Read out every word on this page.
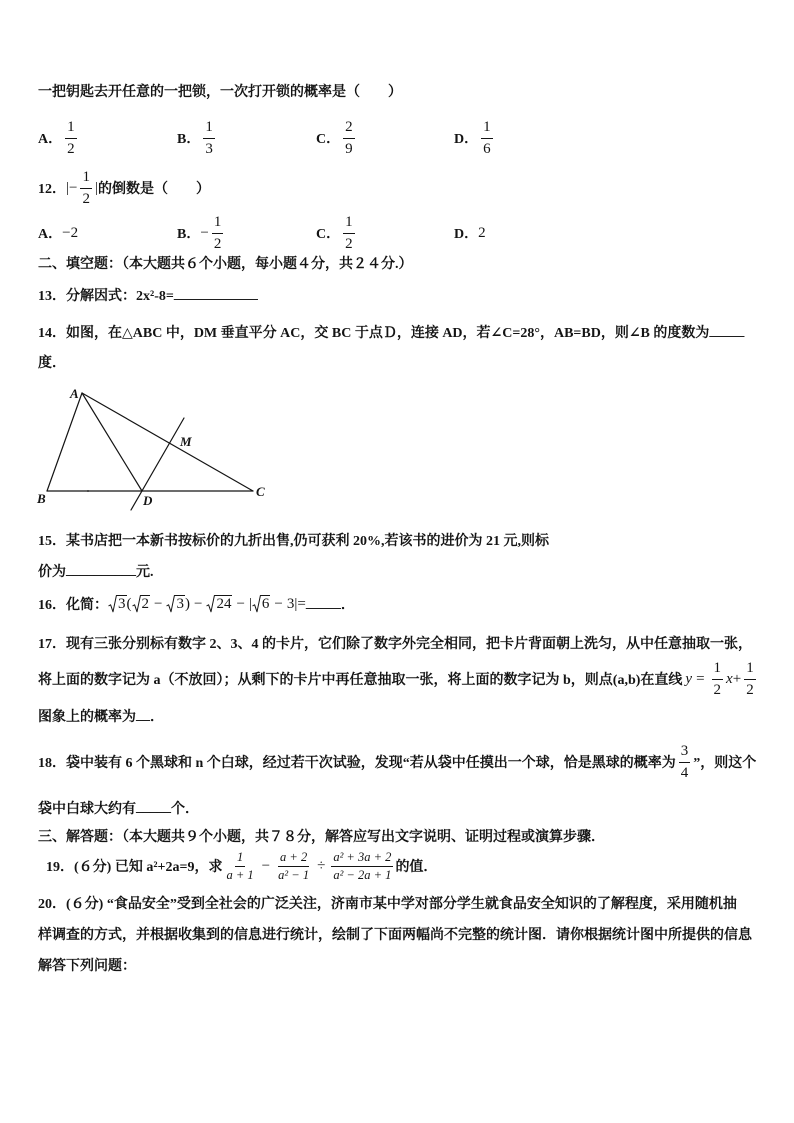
一把钥匙去开任意的一把锁，一次打开锁的概率是（　　）
A． $\frac{1}{2}$	B． $\frac{1}{3}$	C． $\frac{2}{9}$	D． $\frac{1}{6}$
12． |− $\frac{1}{2}$ | 的倒数是（　　）
A． −2	B． − $\frac{1}{2}$	C． $\frac{1}{2}$	D． 2
二、填空题：（本大题共６个小题，每小题４分，共２４分.）
13．分解因式：2x²-8= ____________
14．如图，在△ABC 中，DM 垂直平分 AC，交 BC 于点Ｄ，连接 AD，若∠C=28°，AB=BD，则∠B 的度数为 _____
度．
A
B	D
C
M
15．某书店把一本新书按标价的九折出售,仍可获利 20%,若该书的进价为 21 元,则标
价为 __________ 元.
16．化简： 3 ( 2 − 3 ) − 24 − | 6 − 3 | = _____ ．
17．现有三张分别标有数字 2、3、4 的卡片，它们除了数字外完全相同，把卡片背面朝上洗匀，从中任意抽取一张，
将上面的数字记为 a（不放回）；从剩下的卡片中再任意抽取一张，将上面的数字记为 b，则点(a,b)在直线 $y = \frac{1}{2}$ $x + \frac{1}{2}$
图象上的概率为 __ ．
18．袋中装有 6 个黑球和 n 个白球，经过若干次试验，发现“若从袋中任摸出一个球，恰是黑球的概率为 $\frac{3}{4}$ ”，则这个
袋中白球大约有 _____ 个．
三、解答题：（本大题共９个小题，共７８分，解答应写出文字说明、证明过程或演算步骤．
19．(６分) 已知 a²+2a=9，求 $\frac{1}{a + 1} - \frac{a + 2}{\text{a² − 1}} \div \frac{\text{a² + 3a + 2}}{\text{a² − 2a + 1}}$ 的值．
20．(６分) “食品安全”受到全社会的广泛关注，济南市某中学对部分学生就食品安全知识的了解程度，采用随机抽
样调查的方式，并根据收集到的信息进行统计，绘制了下面两幅尚不完整的统计图．请你根据统计图中所提供的信息
解答下列问题：
